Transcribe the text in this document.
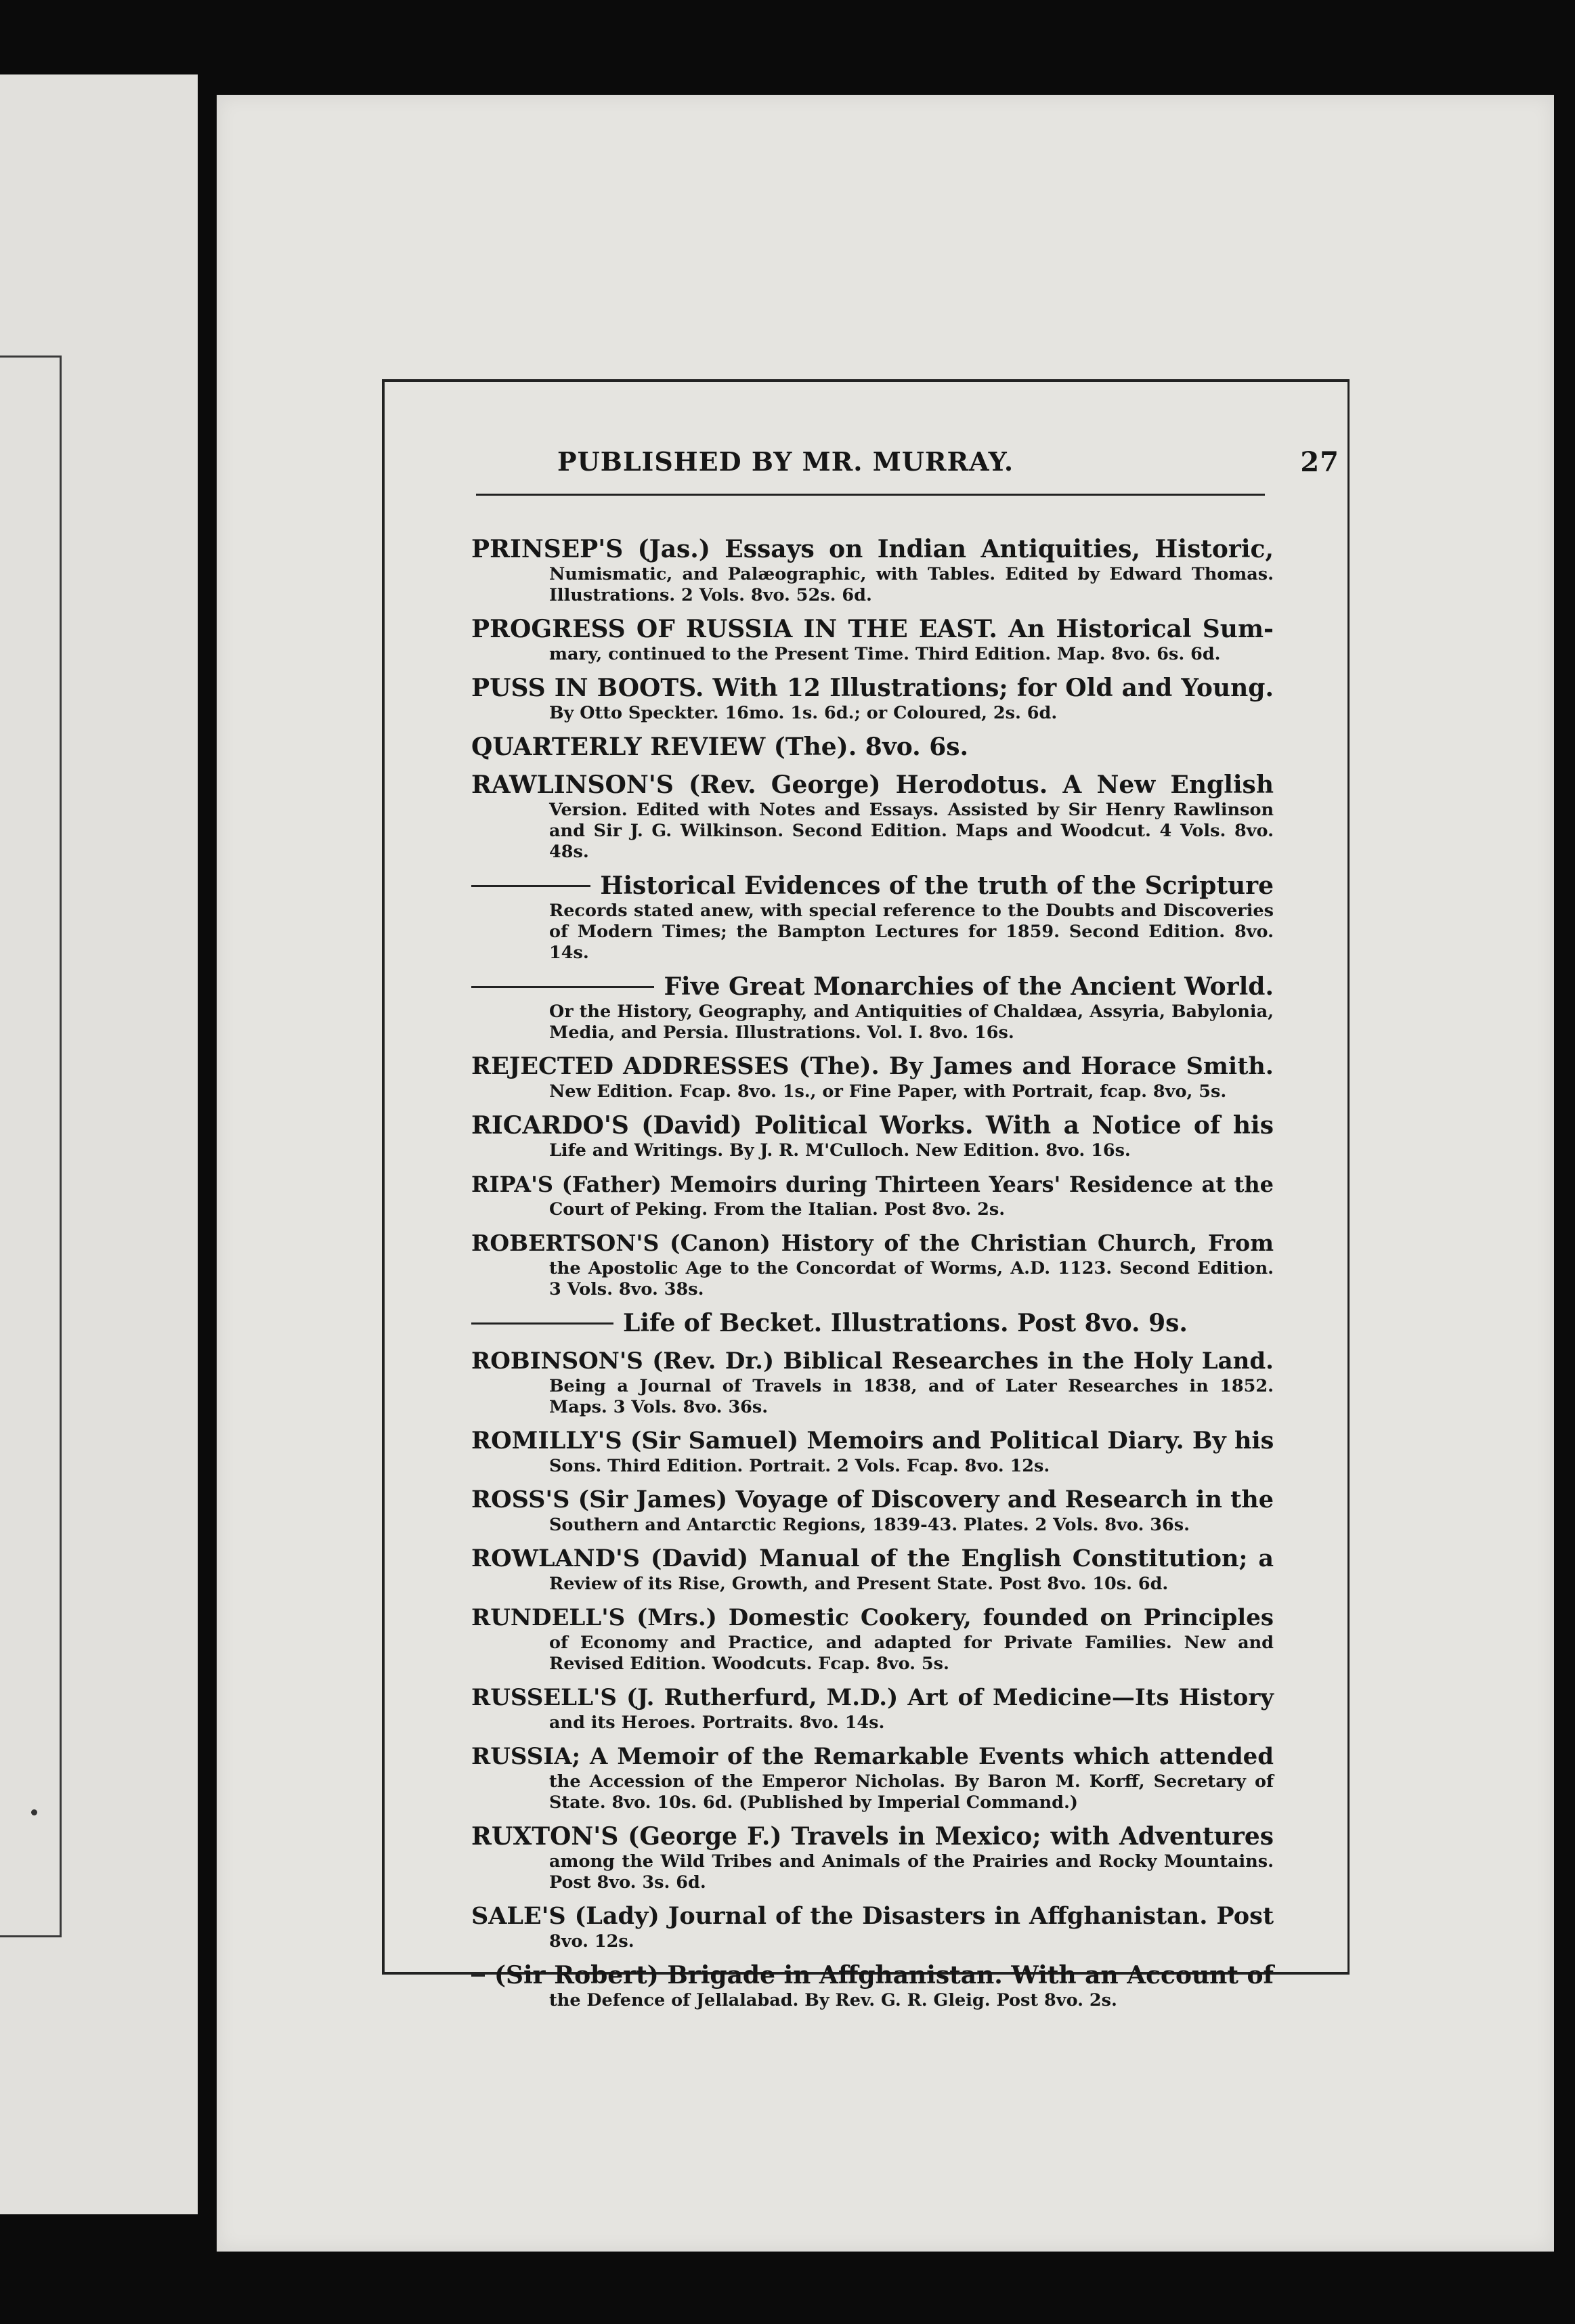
PUBLISHED BY MR. MURRAY.	27
PRINSEP'S (Jas.) Essays on Indian Antiquities, Historic,
Numismatic, and Palæographic, with Tables. Edited by Edward Thomas. Illustrations. 2 Vols. 8vo. 52s. 6d.
PROGRESS OF RUSSIA IN THE EAST. An Historical Sum-
mary, continued to the Present Time. Third Edition. Map. 8vo. 6s. 6d.
PUSS IN BOOTS. With 12 Illustrations; for Old and Young.
By Otto Speckter. 16mo. 1s. 6d.; or Coloured, 2s. 6d.
QUARTERLY REVIEW (The). 8vo. 6s.
RAWLINSON'S (Rev. George) Herodotus. A New English
Version. Edited with Notes and Essays. Assisted by Sir Henry Rawlinson and Sir J. G. Wilkinson. Second Edition. Maps and Woodcut. 4 Vols. 8vo. 48s.
Historical Evidences of the truth of the Scripture
Records stated anew, with special reference to the Doubts and Discoveries of Modern Times; the Bampton Lectures for 1859. Second Edition. 8vo. 14s.
Five Great Monarchies of the Ancient World.
Or the History, Geography, and Antiquities of Chaldæa, Assyria, Babylonia, Media, and Persia. Illustrations. Vol. I. 8vo. 16s.
REJECTED ADDRESSES (The). By James and Horace Smith.
New Edition. Fcap. 8vo. 1s., or Fine Paper, with Portrait, fcap. 8vo, 5s.
RICARDO'S (David) Political Works. With a Notice of his
Life and Writings. By J. R. M'Culloch. New Edition. 8vo. 16s.
RIPA'S (Father) Memoirs during Thirteen Years' Residence at the
Court of Peking. From the Italian. Post 8vo. 2s.
ROBERTSON'S (Canon) History of the Christian Church, From
the Apostolic Age to the Concordat of Worms, A.D. 1123. Second Edition. 3 Vols. 8vo. 38s.
Life of Becket. Illustrations. Post 8vo. 9s.
ROBINSON'S (Rev. Dr.) Biblical Researches in the Holy Land.
Being a Journal of Travels in 1838, and of Later Researches in 1852. Maps. 3 Vols. 8vo. 36s.
ROMILLY'S (Sir Samuel) Memoirs and Political Diary. By his
Sons. Third Edition. Portrait. 2 Vols. Fcap. 8vo. 12s.
ROSS'S (Sir James) Voyage of Discovery and Research in the
Southern and Antarctic Regions, 1839-43. Plates. 2 Vols. 8vo. 36s.
ROWLAND'S (David) Manual of the English Constitution; a
Review of its Rise, Growth, and Present State. Post 8vo. 10s. 6d.
RUNDELL'S (Mrs.) Domestic Cookery, founded on Principles
of Economy and Practice, and adapted for Private Families. New and Revised Edition. Woodcuts. Fcap. 8vo. 5s.
RUSSELL'S (J. Rutherfurd, M.D.) Art of Medicine—Its History
and its Heroes. Portraits. 8vo. 14s.
RUSSIA; A Memoir of the Remarkable Events which attended
the Accession of the Emperor Nicholas. By Baron M. Korff, Secretary of State. 8vo. 10s. 6d. (Published by Imperial Command.)
RUXTON'S (George F.) Travels in Mexico; with Adventures
among the Wild Tribes and Animals of the Prairies and Rocky Mountains. Post 8vo. 3s. 6d.
SALE'S (Lady) Journal of the Disasters in Affghanistan. Post
8vo. 12s.
(Sir Robert) Brigade in Affghanistan. With an Account of
the Defence of Jellalabad. By Rev. G. R. Gleig. Post 8vo. 2s.
